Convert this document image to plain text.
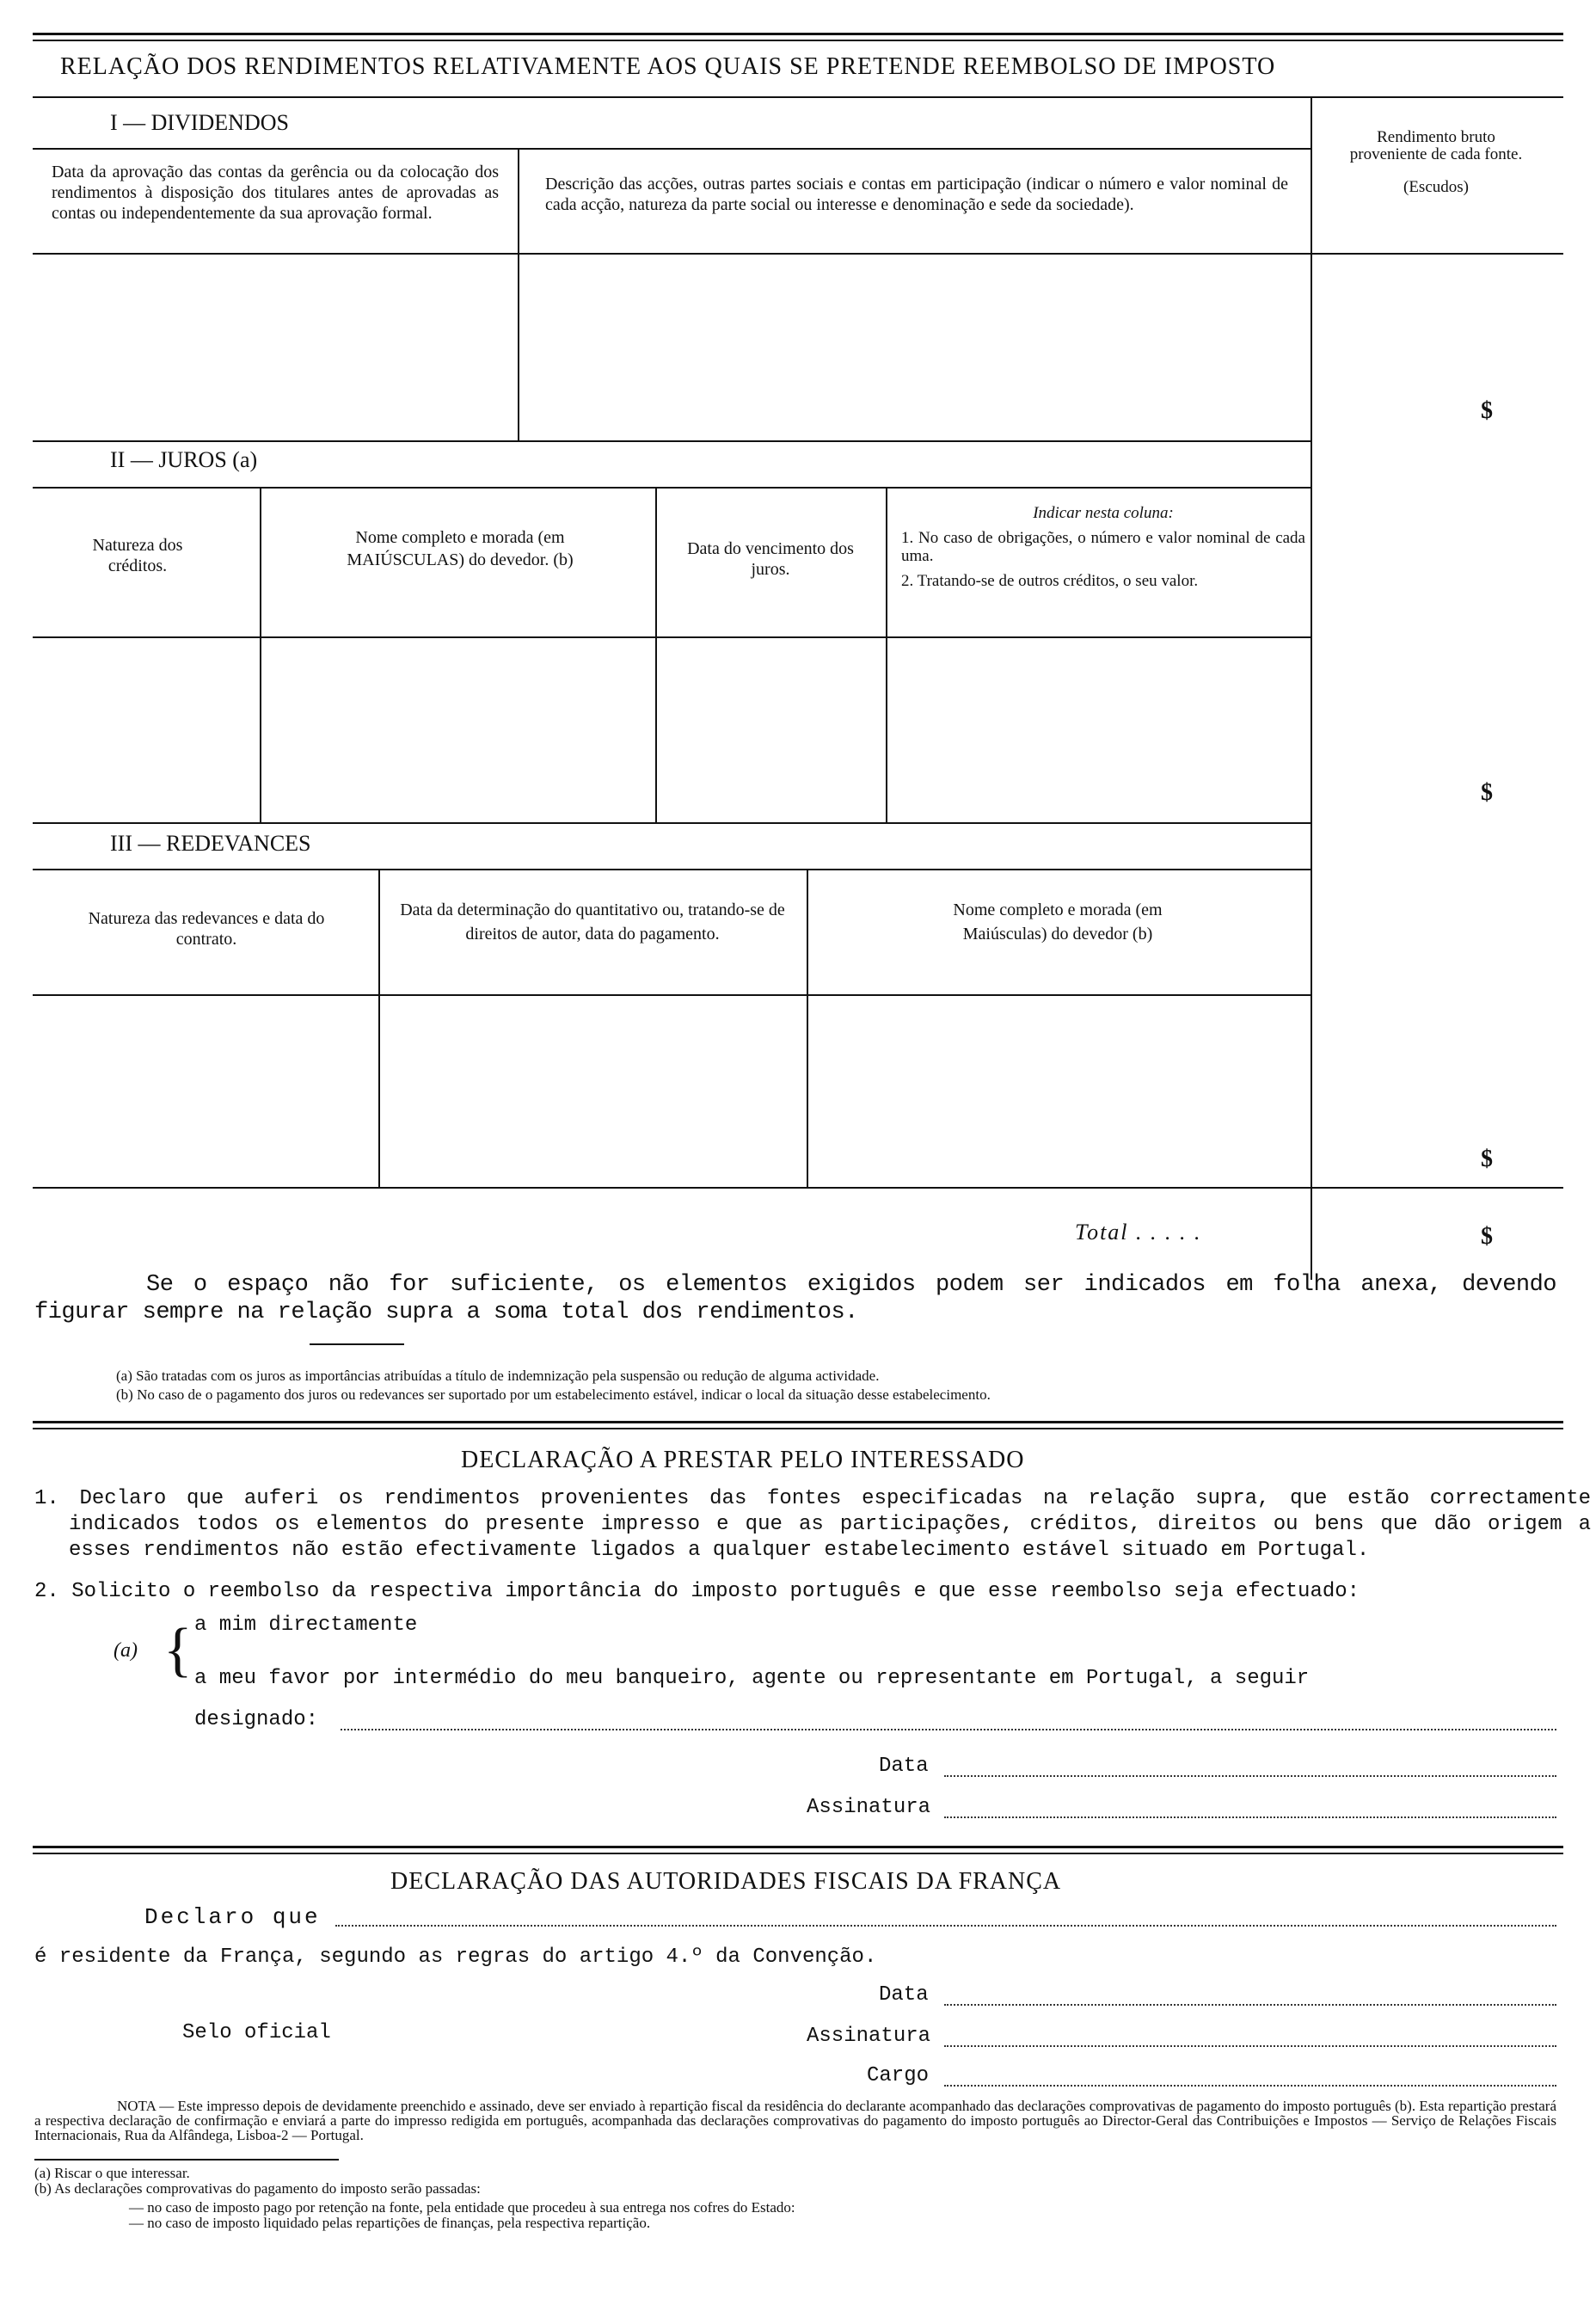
RELAÇÃO DOS RENDIMENTOS RELATIVAMENTE AOS QUAIS SE PRETENDE REEMBOLSO DE IMPOSTO
Rendimento bruto proveniente de cada fonte.
(Escudos)
I — DIVIDENDOS
Data da aprovação das contas da gerência ou da colocação dos rendimentos à disposição dos titulares antes de aprovadas as contas ou independentemente da sua aprovação formal.
Descrição das acções, outras partes sociais e contas em participação (indicar o número e valor nominal de cada acção, natureza da parte social ou interesse e denominação e sede da sociedade).
$
II — JUROS (a)
Natureza dos créditos.
Nome completo e morada (em MAIÚSCULAS) do devedor. (b)
Data do vencimento dos juros.
Indicar nesta coluna:
1. No caso de obrigações, o número e valor nominal de cada uma.
2. Tratando-se de outros créditos, o seu valor.
$
III — REDEVANCES
Natureza das redevances e data do contrato.
Data da determinação do quantitativo ou, tratando-se de direitos de autor, data do pagamento.
Nome completo e morada (em Maiúsculas) do devedor (b)
$
Total . . . . .	$
Se o espaço não for suficiente, os elementos exigidos podem ser indicados em folha anexa, devendo figurar sempre na relação supra a soma total dos rendimentos.
(a) São tratadas com os juros as importâncias atribuídas a título de indemnização pela suspensão ou redução de alguma actividade.
(b) No caso de o pagamento dos juros ou redevances ser suportado por um estabelecimento estável, indicar o local da situação desse estabelecimento.
DECLARAÇÃO A PRESTAR PELO INTERESSADO
1. Declaro que auferi os rendimentos provenientes das fontes especificadas na relação supra, que estão correctamente indicados todos os elementos do presente impresso e que as participações, créditos, direitos ou bens que dão origem a esses rendimentos não estão efectivamente ligados a qualquer estabelecimento estável situado em Portugal.
2. Solicito o reembolso da respectiva importância do imposto português e que esse reembolso seja efectuado:
(a) { a mim directamente
a meu favor por intermédio do meu banqueiro, agente ou representante em Portugal, a seguir
designado:
Data
Assinatura
DECLARAÇÃO DAS AUTORIDADES FISCAIS DA FRANÇA
Declaro que
é residente da França, segundo as regras do artigo 4.º da Convenção.
Data
Selo oficial	Assinatura
Cargo
NOTA — Este impresso depois de devidamente preenchido e assinado, deve ser enviado à repartição fiscal da residência do declarante acompanhado das declarações comprovativas de pagamento do imposto português (b). Esta repartição prestará a respectiva declaração de confirmação e enviará a parte do impresso redigida em português, acompanhada das declarações comprovativas do pagamento do imposto português ao Director-Geral das Contribuições e Impostos — Serviço de Relações Fiscais Internacionais, Rua da Alfândega, Lisboa-2 — Portugal.
(a) Riscar o que interessar.
(b) As declarações comprovativas do pagamento do imposto serão passadas:
— no caso de imposto pago por retenção na fonte, pela entidade que procedeu à sua entrega nos cofres do Estado:
— no caso de imposto liquidado pelas repartições de finanças, pela respectiva repartição.
